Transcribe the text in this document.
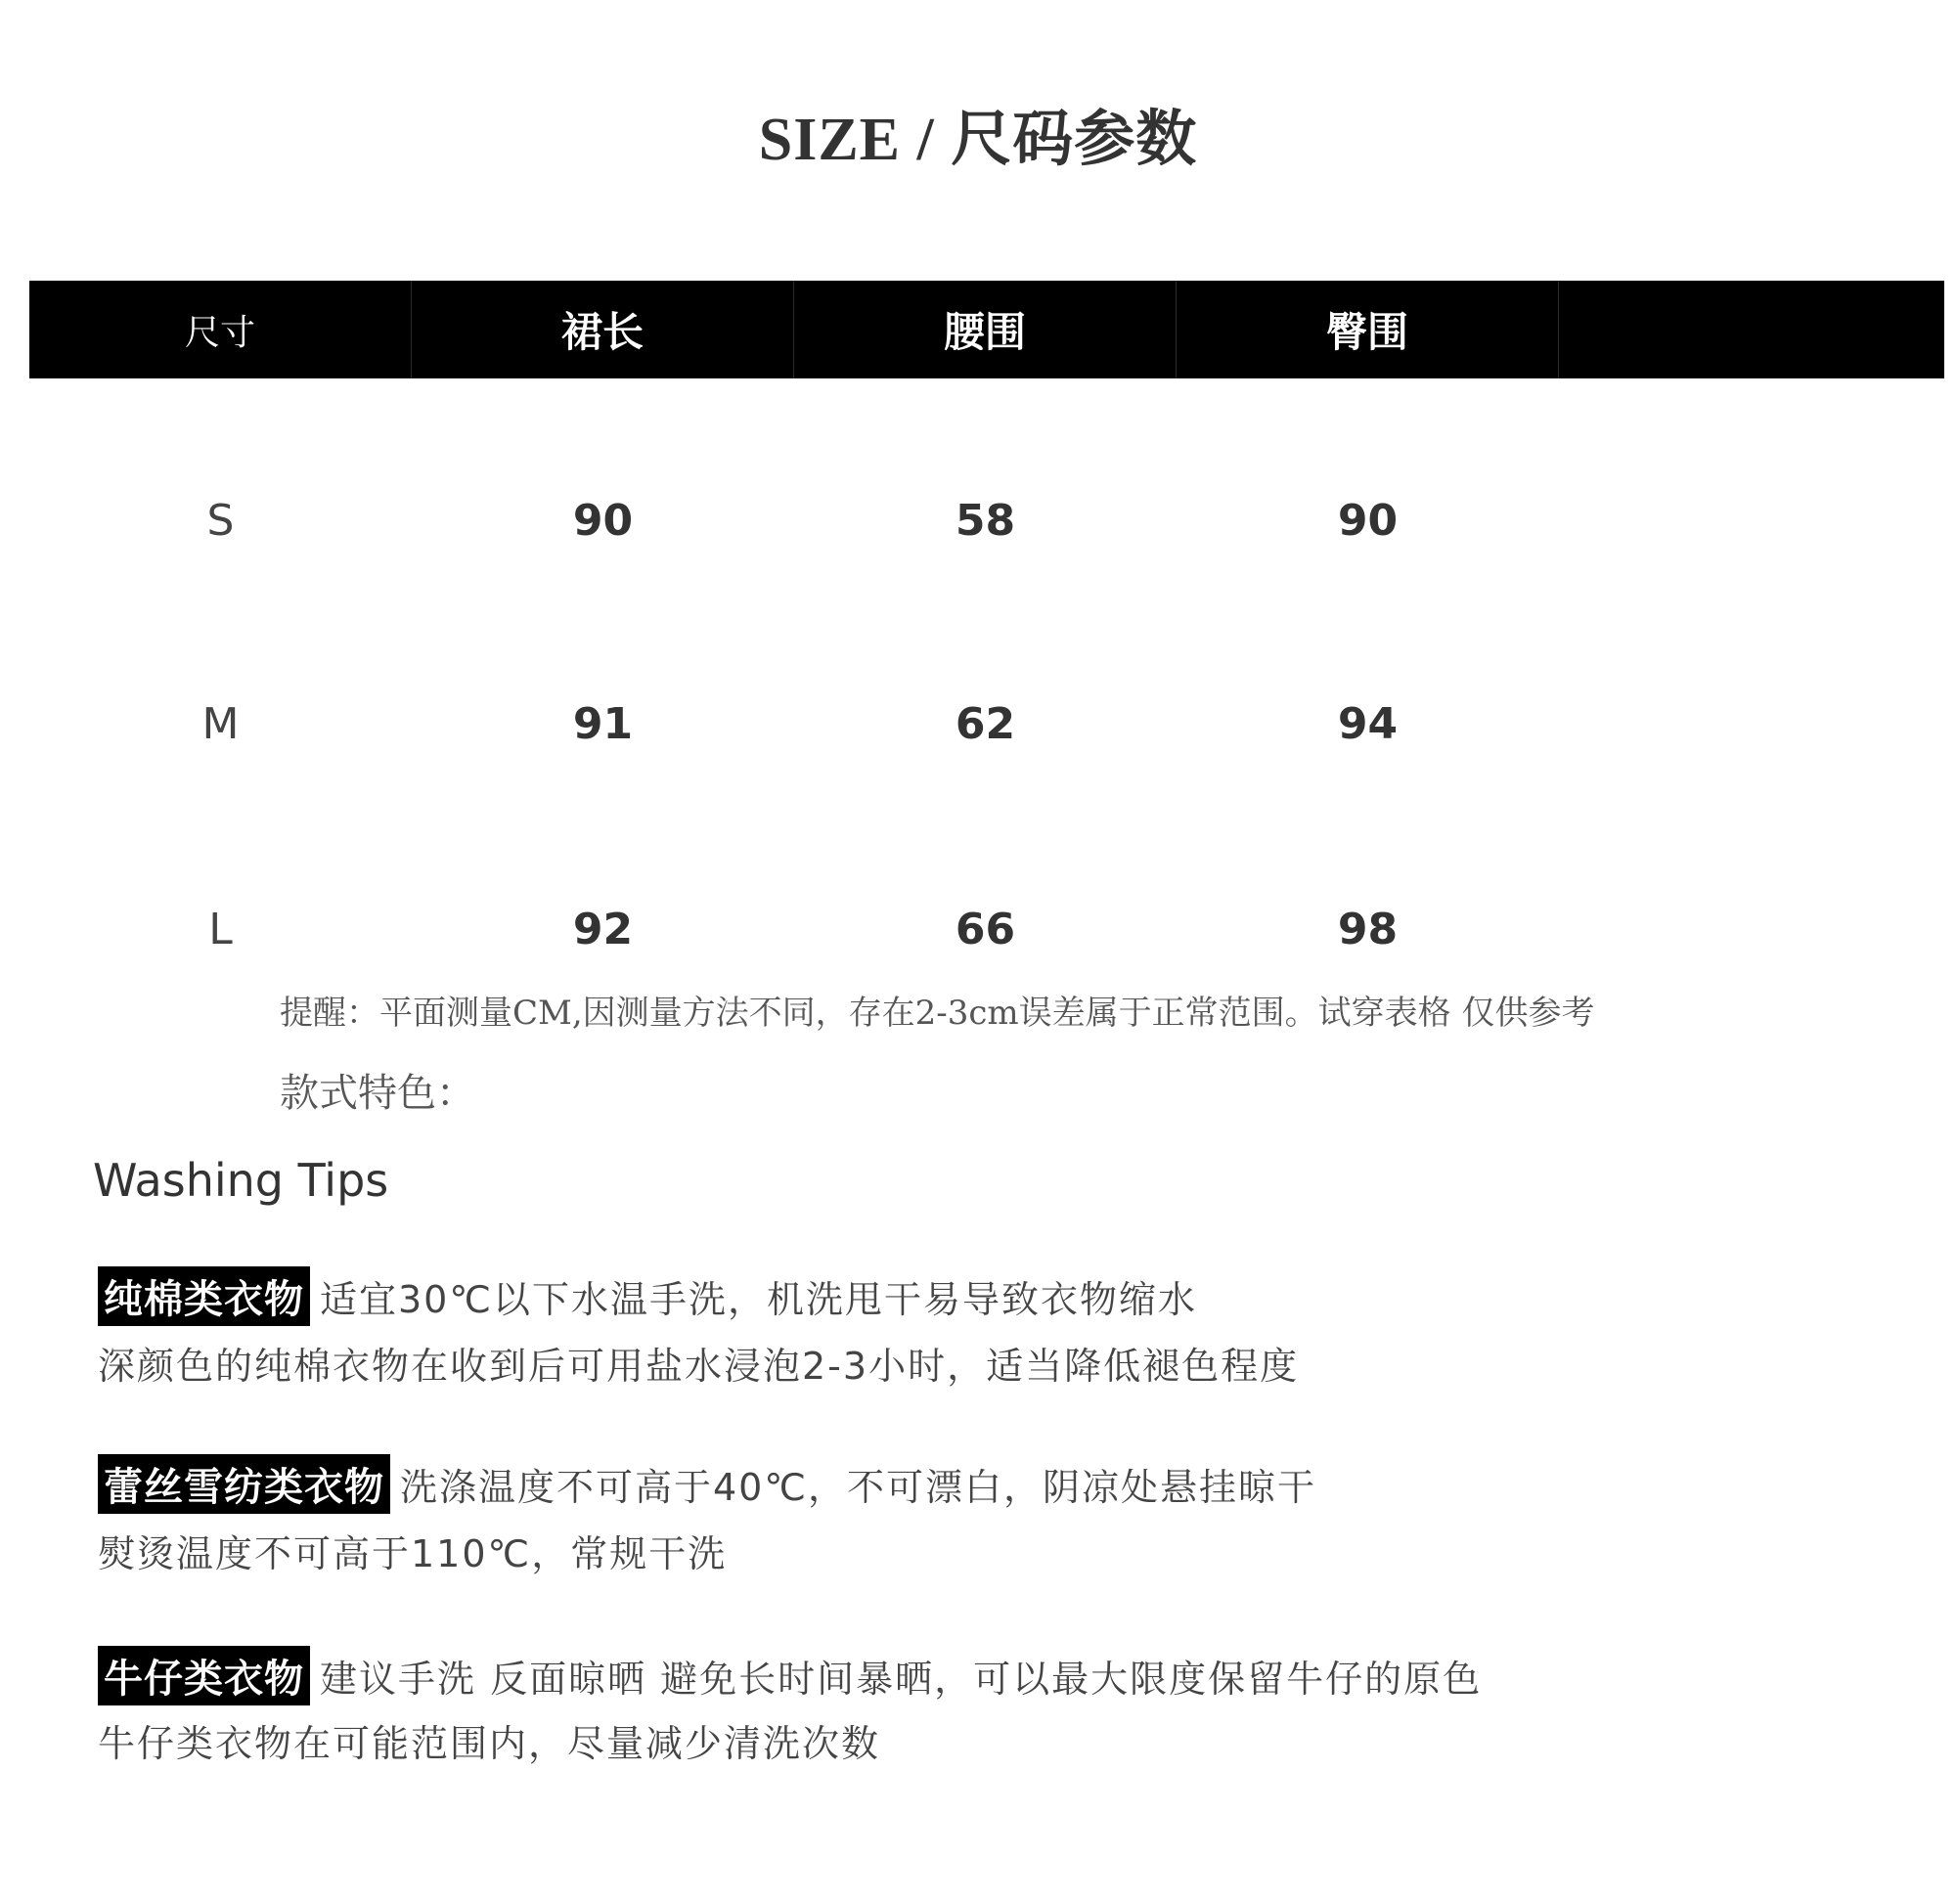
SIZE / 尺码参数
尺寸	裙长	腰围	臀围
S	90	58	90
M	91	62	94
L	92	66	98
提醒：平面测量CM,因测量方法不同，存在2-3cm误差属于正常范围。试穿表格 仅供参考
款式特色：
Washing Tips
纯棉类衣物 适宜30℃以下水温手洗，机洗甩干易导致衣物缩水
深颜色的纯棉衣物在收到后可用盐水浸泡2-3小时，适当降低褪色程度
蕾丝雪纺类衣物 洗涤温度不可高于40℃，不可漂白，阴凉处悬挂晾干
熨烫温度不可高于110℃，常规干洗
牛仔类衣物 建议手洗 反面晾晒 避免长时间暴晒，可以最大限度保留牛仔的原色
牛仔类衣物在可能范围内，尽量减少清洗次数
